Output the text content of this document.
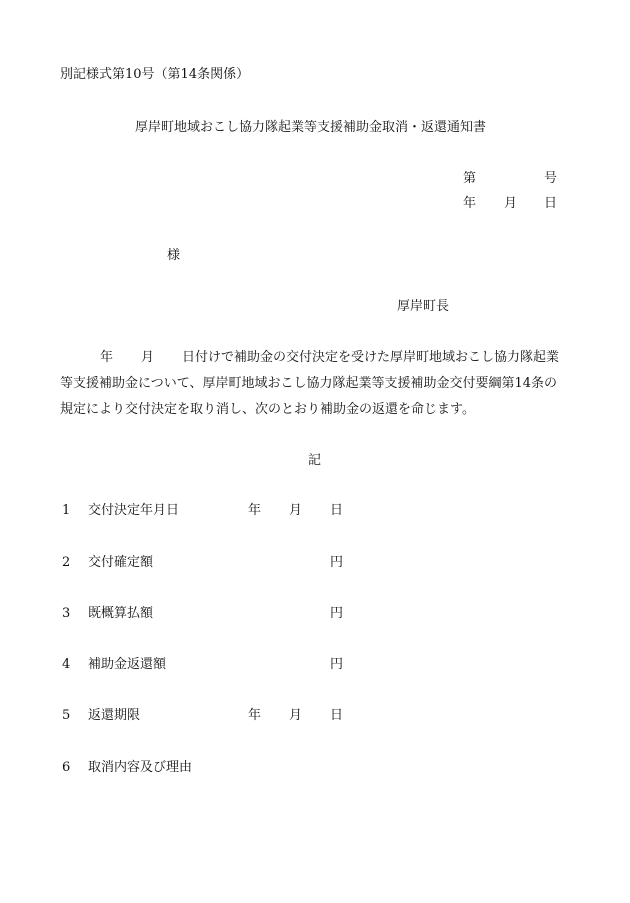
別記様式第10号（第14条関係）
厚岸町地域おこし協力隊起業等支援補助金取消・返還通知書
第	号
年 月 日
様
厚岸町長
年 月 日付けで補助金の交付決定を受けた厚岸町地域おこし協力隊起業
等支援補助金について、厚岸町地域おこし協力隊起業等支援補助金交付要綱第14条の
規定により交付決定を取り消し、次のとおり補助金の返還を命じます。
記
1 交付決定年月日	年 月 日
2 交付確定額	円
3 既概算払額	円
4 補助金返還額	円
5 返還期限	年 月 日
6 取消内容及び理由
